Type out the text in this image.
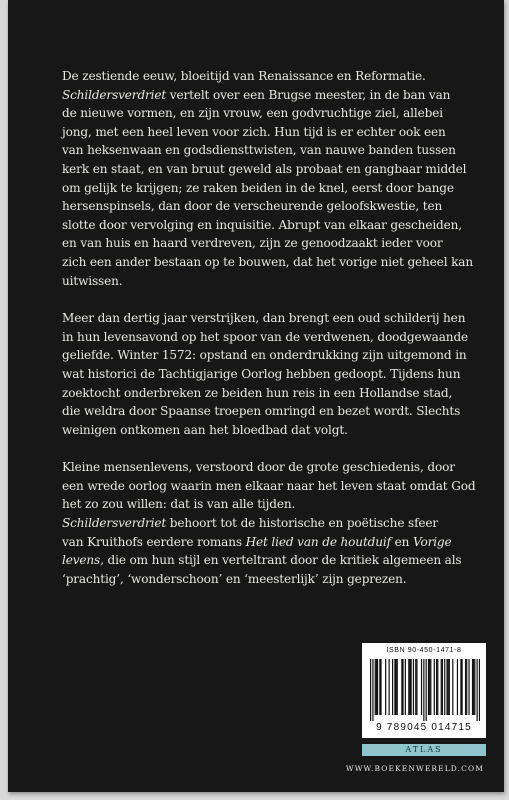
De zestiende eeuw, bloeitijd van Renaissance en Reformatie.
Schildersverdriet vertelt over een Brugse meester, in de ban van
de nieuwe vormen, en zijn vrouw, een godvruchtige ziel, allebei
jong, met een heel leven voor zich. Hun tijd is er echter ook een
van heksenwaan en godsdiensttwisten, van nauwe banden tussen
kerk en staat, en van bruut geweld als probaat en gangbaar middel
om gelijk te krijgen; ze raken beiden in de knel, eerst door bange
hersenspinsels, dan door de verscheurende geloofskwestie, ten
slotte door vervolging en inquisitie. Abrupt van elkaar gescheiden,
en van huis en haard verdreven, zijn ze genoodzaakt ieder voor
zich een ander bestaan op te bouwen, dat het vorige niet geheel kan
uitwissen.

Meer dan dertig jaar verstrijken, dan brengt een oud schilderij hen
in hun levensavond op het spoor van de verdwenen, doodgewaande
geliefde. Winter 1572: opstand en onderdrukking zijn uitgemond in
wat historici de Tachtigjarige Oorlog hebben gedoopt. Tijdens hun
zoektocht onderbreken ze beiden hun reis in een Hollandse stad,
die weldra door Spaanse troepen omringd en bezet wordt. Slechts
weinigen ontkomen aan het bloedbad dat volgt.

Kleine mensenlevens, verstoord door de grote geschiedenis, door
een wrede oorlog waarin men elkaar naar het leven staat omdat God
het zo zou willen: dat is van alle tijden.
Schildersverdriet behoort tot de historische en poëtische sfeer
van Kruithofs eerdere romans Het lied van de houtduif en Vorige
levens, die om hun stijl en verteltrant door de kritiek algemeen als
‘prachtig’, ‘wonderschoon’ en ‘meesterlijk’ zijn geprezen.

ISBN 90-450-1471-8
9 789045 014715
ATLAS
WWW.BOEKENWERELD.COM
